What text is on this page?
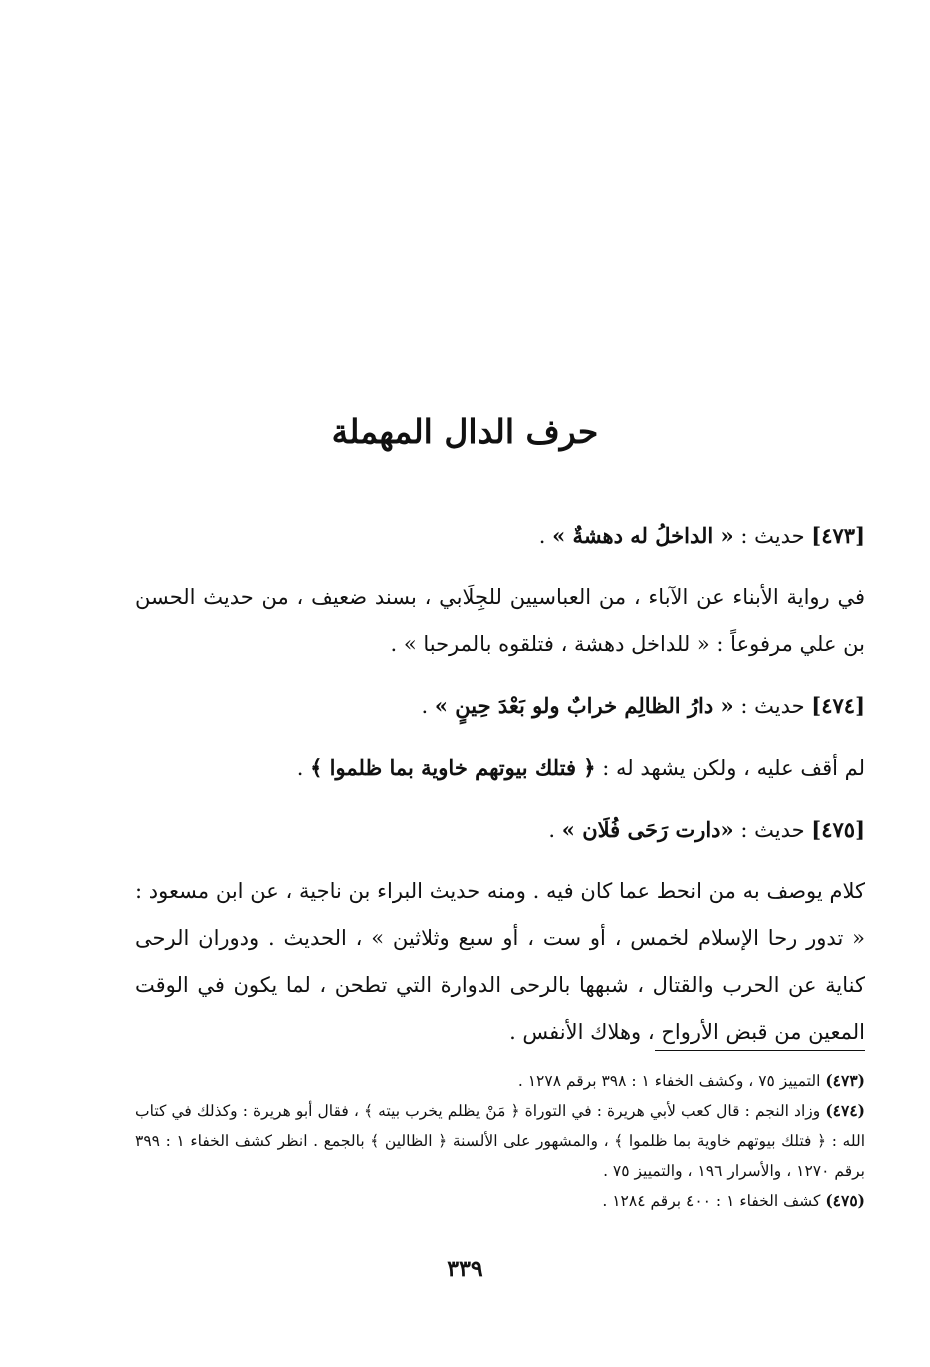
حرف الدال المهملة

[٤٧٣] حديث : « الداخلُ له دهشةٌ » .

في رواية الأبناء عن الآباء ، من العباسيين للجِلَابي ، بسند ضعيف ، من حديث الحسن بن علي مرفوعاً : « للداخل دهشة ، فتلقوه بالمرحبا » .

[٤٧٤] حديث : « دارُ الظالِم خرابٌ ولو بَعْدَ حِينٍ » .

لم أقف عليه ، ولكن يشهد له : ﴿ فتلك بيوتهم خاوية بما ظلموا ﴾ .

[٤٧٥] حديث : «دارت رَحَى فُلَان » .

كلام يوصف به من انحط عما كان فيه . ومنه حديث البراء بن ناجية ، عن ابن مسعود : « تدور رحا الإسلام لخمس ، أو ست ، أو سبع وثلاثين » ، الحديث . ودوران الرحى كناية عن الحرب والقتال ، شبهها بالرحى الدوارة التي تطحن ، لما يكون في الوقت المعين من قبض الأرواح ، وهلاك الأنفس .

(٤٧٣) التمييز ٧٥ ، وكشف الخفاء ١ : ٣٩٨ برقم ١٢٧٨ .

(٤٧٤) وزاد النجم : قال كعب لأبي هريرة : في التوراة ﴿ مَنْ يظلم يخرب بيته ﴾ ، فقال أبو هريرة : وكذلك في كتاب الله : ﴿ فتلك بيوتهم خاوية بما ظلموا ﴾ ، والمشهور على الألسنة ﴿ الظالين ﴾ بالجمع . انظر كشف الخفاء ١ : ٣٩٩ برقم ١٢٧٠ ، والأسرار ١٩٦ ، والتمييز ٧٥ .

(٤٧٥) كشف الخفاء ١ : ٤٠٠ برقم ١٢٨٤ .

٣٣٩
